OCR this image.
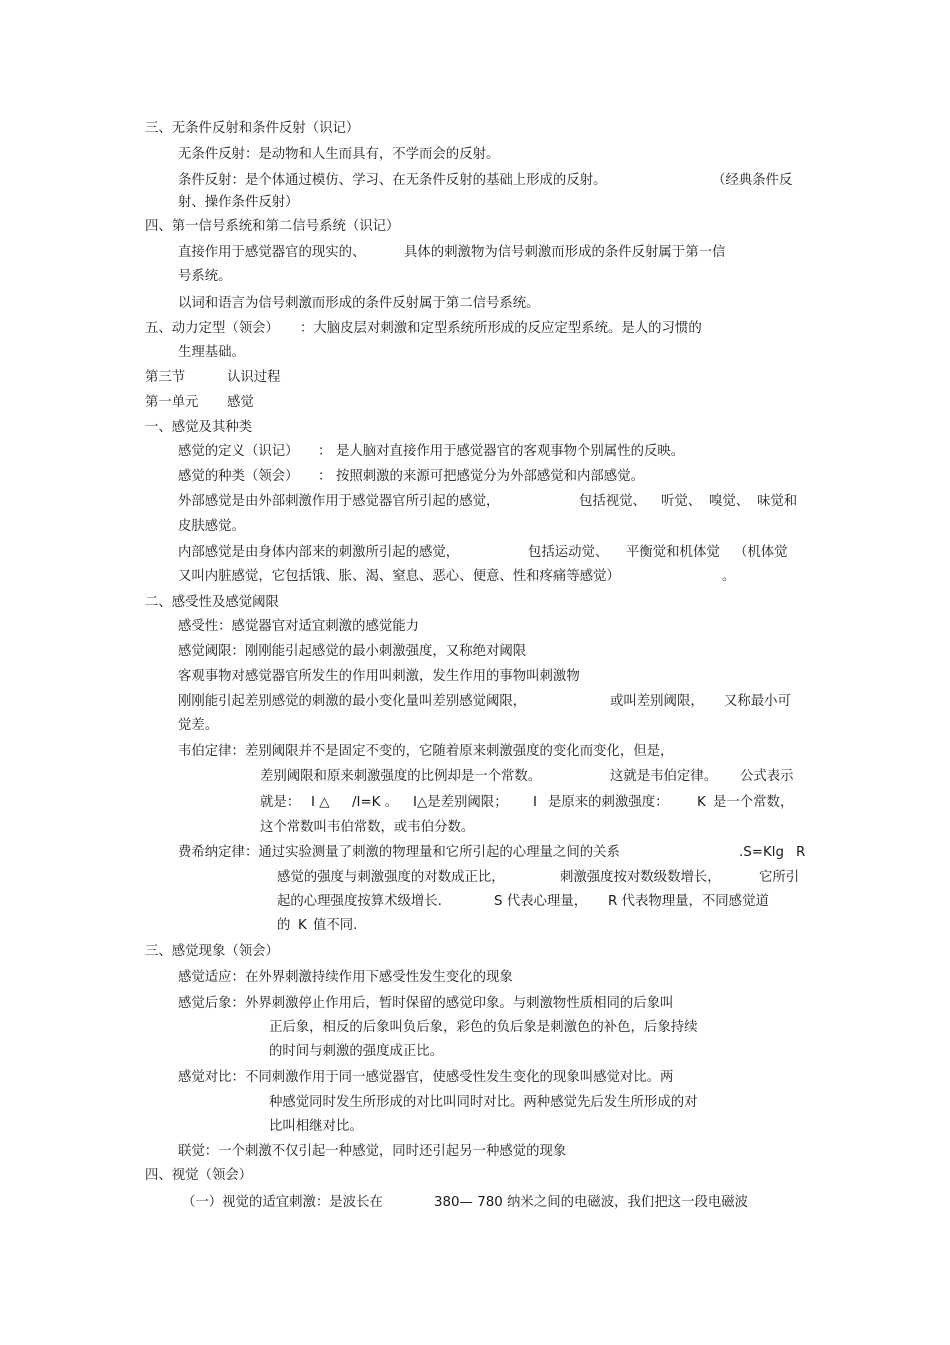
三、无条件反射和条件反射（识记）
无条件反射：是动物和人生而具有，不学而会的反射。
条件反射：是个体通过模仿、学习、在无条件反射的基础上形成的反射。	（经典条件反
射、操作条件反射）
四、第一信号系统和第二信号系统（识记）
直接作用于感觉器官的现实的、	具体的刺激物为信号刺激而形成的条件反射属于第一信
号系统。
以词和语言为信号刺激而形成的条件反射属于第二信号系统。
五、动力定型（领会） ：大脑皮层对刺激和定型系统所形成的反应定型系统。是人的习惯的
生理基础。
第三节	认识过程
第一单元 感觉
一、感觉及其种类
感觉的定义（识记） ： 是人脑对直接作用于感觉器官的客观事物个别属性的反映。
感觉的种类（领会） ： 按照刺激的来源可把感觉分为外部感觉和内部感觉。
外部感觉是由外部刺激作用于感觉器官所引起的感觉，	包括视觉、 听觉、 嗅觉、 味觉和
皮肤感觉。
内部感觉是由身体内部来的刺激所引起的感觉，	包括运动觉、 平衡觉和机体觉 （机体觉
又叫内脏感觉，它包括饿、胀、渴、窒息、恶心、便意、性和疼痛等感觉）	。
二、感受性及感觉阈限
感受性：感觉器官对适宜刺激的感觉能力
感觉阈限：刚刚能引起感觉的最小刺激强度，又称绝对阈限
客观事物对感觉器官所发生的作用叫刺激，发生作用的事物叫刺激物
刚刚能引起差别感觉的刺激的最小变化量叫差别感觉阈限，	或叫差别阈限， 又称最小可
觉差。
韦伯定律：差别阈限并不是固定不变的，它随着原来刺激强度的变化而变化，但是，
差别阈限和原来刺激强度的比例却是一个常数。	这就是韦伯定律。 公式表示
就是： I △ /I=K 。 I△是差别阈限； I 是原来的刺激强度： K 是一个常数，
这个常数叫韦伯常数，或韦伯分数。
费希纳定律：通过实验测量了刺激的物理量和它所引起的心理量之间的关系	.S=Klg R
感觉的强度与刺激强度的对数成正比，	刺激强度按对数级数增长，	它所引
起的心理强度按算术级增长.	S 代表心理量， R 代表物理量，不同感觉道
的 K 值不同.
三、感觉现象（领会）
感觉适应：在外界刺激持续作用下感受性发生变化的现象
感觉后象：外界刺激停止作用后，暂时保留的感觉印象。与刺激物性质相同的后象叫
正后象，相反的后象叫负后象，彩色的负后象是刺激色的补色，后象持续
的时间与刺激的强度成正比。
感觉对比：不同刺激作用于同一感觉器官，使感受性发生变化的现象叫感觉对比。两
种感觉同时发生所形成的对比叫同时对比。两种感觉先后发生所形成的对
比叫相继对比。
联觉：一个刺激不仅引起一种感觉，同时还引起另一种感觉的现象
四、视觉（领会）
（一）视觉的适宜刺激：是波长在	380— 780 纳米之间的电磁波，我们把这一段电磁波
